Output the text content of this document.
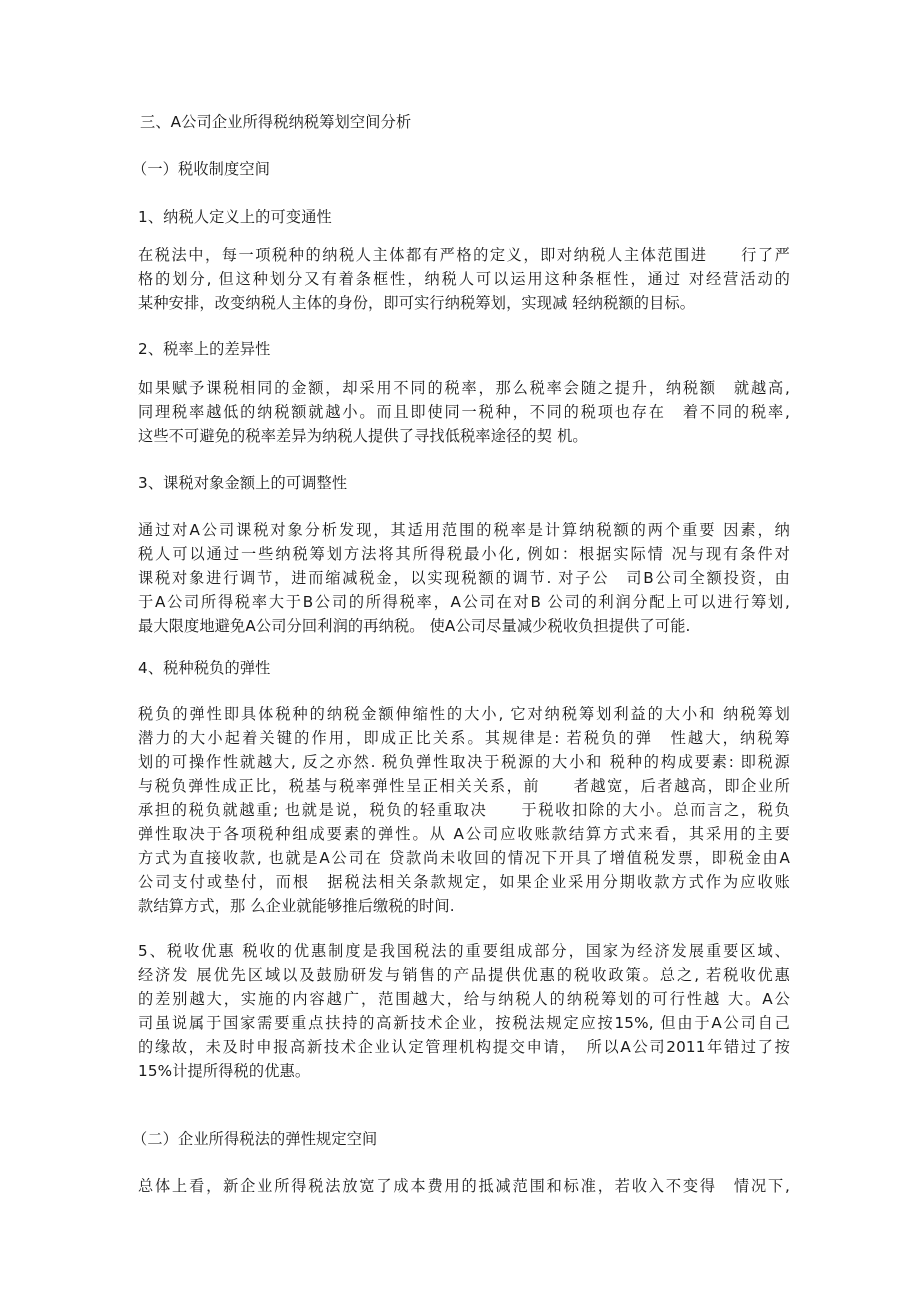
三、A公司企业所得税纳税筹划空间分析
（一）税收制度空间
1、纳税人定义上的可变通性
在税法中，每一项税种的纳税人主体都有严格的定义，即对纳税人主体范围进　　行了严
格的划分, 但这种划分又有着条框性，纳税人可以运用这种条框性，通过 对经营活动的
某种安排，改变纳税人主体的身份，即可实行纳税筹划，实现减 轻纳税额的目标。
2、税率上的差异性
如果赋予课税相同的金额，却采用不同的税率，那么税率会随之提升，纳税额　就越高,
同理税率越低的纳税额就越小。而且即使同一税种，不同的税项也存在　着不同的税率,
这些不可避免的税率差异为纳税人提供了寻找低税率途径的契 机。
3、课税对象金额上的可调整性
通过对A公司课税对象分析发现，其适用范围的税率是计算纳税额的两个重要 因素，纳
税人可以通过一些纳税筹划方法将其所得税最小化, 例如：根据实际情 况与现有条件对
课税对象进行调节，进而缩减税金，以实现税额的调节. 对子公　司B公司全额投资，由
于A公司所得税率大于B公司的所得税率，A公司在对B 公司的利润分配上可以进行筹划,
最大限度地避免A公司分回利润的再纳税。 使A公司尽量减少税收负担提供了可能.
4、税种税负的弹性
税负的弹性即具体税种的纳税金额伸缩性的大小, 它对纳税筹划利益的大小和 纳税筹划
潜力的大小起着关键的作用，即成正比关系。其规律是: 若税负的弹　性越大，纳税筹
划的可操作性就越大, 反之亦然. 税负弹性取决于税源的大小和 税种的构成要素: 即税源
与税负弹性成正比，税基与税率弹性呈正相关关系，前　　者越宽，后者越高，即企业所
承担的税负就越重; 也就是说，税负的轻重取决　　于税收扣除的大小。总而言之，税负
弹性取决于各项税种组成要素的弹性。从 A公司应收账款结算方式来看，其采用的主要
方式为直接收款, 也就是A公司在 贷款尚未收回的情况下开具了增值税发票，即税金由A
公司支付或垫付，而根　据税法相关条款规定，如果企业采用分期收款方式作为应收账
款结算方式，那 么企业就能够推后缴税的时间.
5、税收优惠 税收的优惠制度是我国税法的重要组成部分，国家为经济发展重要区域、
经济发 展优先区域以及鼓励研发与销售的产品提供优惠的税收政策。总之, 若税收优惠
的差别越大，实施的内容越广，范围越大，给与纳税人的纳税筹划的可行性越 大。A公
司虽说属于国家需要重点扶持的高新技术企业，按税法规定应按15%, 但由于A公司自己
的缘故，未及时申报高新技术企业认定管理机构提交申请，　所以A公司2011年错过了按
15%计提所得税的优惠。
（二）企业所得税法的弹性规定空间
总体上看，新企业所得税法放宽了成本费用的抵减范围和标准，若收入不变得　情况下,
